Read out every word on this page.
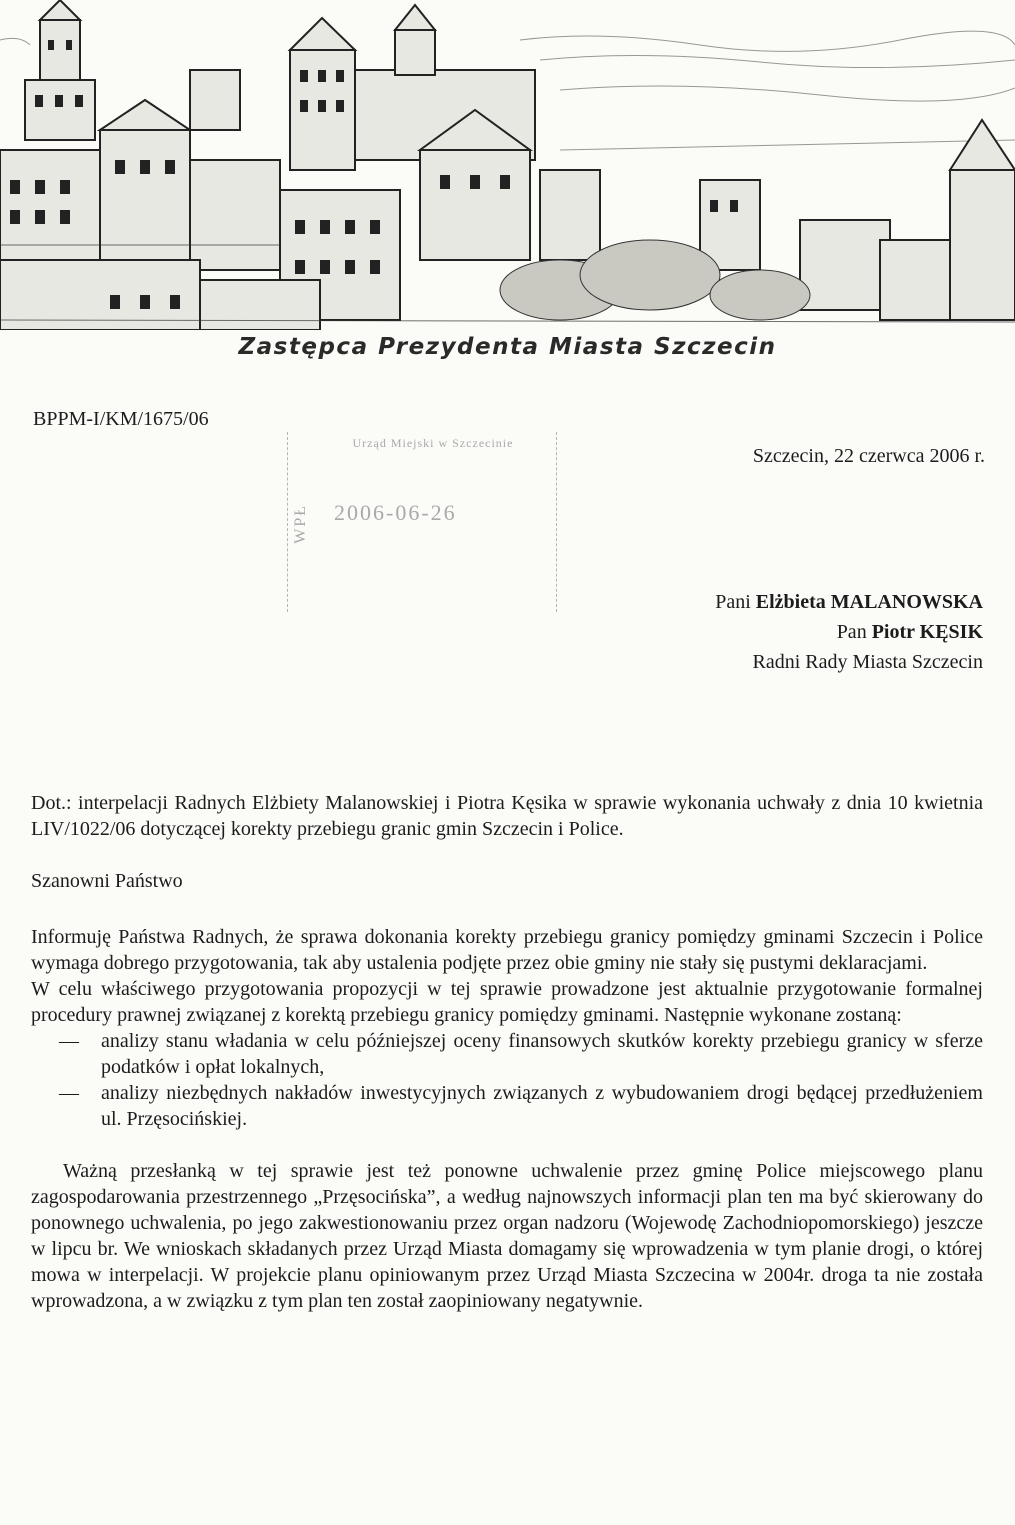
Zastępca Prezydenta Miasta Szczecin
BPPM-I/KM/1675/06
Urząd Miejski w Szczecinie
2006-06-26
WPŁ
Szczecin, 22 czerwca 2006 r.
Pani Elżbieta MALANOWSKA
Pan Piotr KĘSIK
Radni Rady Miasta Szczecin

Dot.: interpelacji Radnych Elżbiety Malanowskiej i Piotra Kęsika w sprawie wykonania uchwały z dnia 10 kwietnia LIV/1022/06 dotyczącej korekty przebiegu granic gmin Szczecin i Police.

Szanowni Państwo

Informuję Państwa Radnych, że sprawa dokonania korekty przebiegu granicy pomiędzy gminami Szczecin i Police wymaga dobrego przygotowania, tak aby ustalenia podjęte przez obie gminy nie stały się pustymi deklaracjami.

W celu właściwego przygotowania propozycji w tej sprawie prowadzone jest aktualnie przygotowanie formalnej procedury prawnej związanej z korektą przebiegu granicy pomiędzy gminami. Następnie wykonane zostaną:

— analizy stanu władania w celu późniejszej oceny finansowych skutków korekty przebiegu granicy w sferze podatków i opłat lokalnych,
— analizy niezbędnych nakładów inwestycyjnych związanych z wybudowaniem drogi będącej przedłużeniem ul. Przęsocińskiej.

Ważną przesłanką w tej sprawie jest też ponowne uchwalenie przez gminę Police miejscowego planu zagospodarowania przestrzennego „Przęsocińska”, a według najnowszych informacji plan ten ma być skierowany do ponownego uchwalenia, po jego zakwestionowaniu przez organ nadzoru (Wojewodę Zachodniopomorskiego) jeszcze w lipcu br. We wnioskach składanych przez Urząd Miasta domagamy się wprowadzenia w tym planie drogi, o której mowa w interpelacji. W projekcie planu opiniowanym przez Urząd Miasta Szczecina w 2004r. droga ta nie została wprowadzona, a w związku z tym plan ten został zaopiniowany negatywnie.
